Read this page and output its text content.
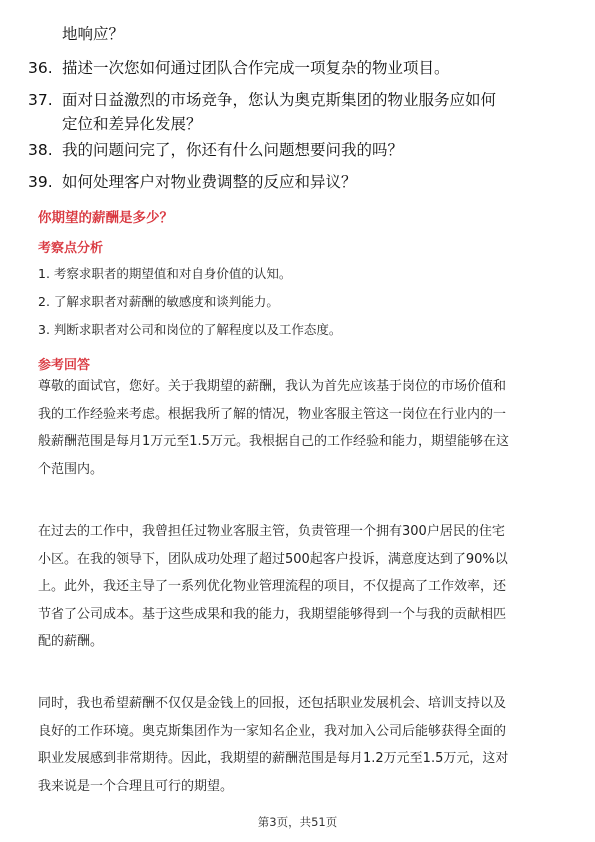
地响应？
36. 描述一次您如何通过团队合作完成一项复杂的物业项目。
37. 面对日益激烈的市场竞争，您认为奥克斯集团的物业服务应如何
定位和差异化发展？
38. 我的问题问完了，你还有什么问题想要问我的吗？
39. 如何处理客户对物业费调整的反应和异议？
你期望的薪酬是多少？
考察点分析
1. 考察求职者的期望值和对自身价值的认知。
2. 了解求职者对薪酬的敏感度和谈判能力。
3. 判断求职者对公司和岗位的了解程度以及工作态度。
参考回答
尊敬的面试官，您好。关于我期望的薪酬，我认为首先应该基于岗位的市场价值和
我的工作经验来考虑。根据我所了解的情况，物业客服主管这一岗位在行业内的一
般薪酬范围是每月1万元至1.5万元。我根据自己的工作经验和能力，期望能够在这
个范围内。
在过去的工作中，我曾担任过物业客服主管，负责管理一个拥有300户居民的住宅
小区。在我的领导下，团队成功处理了超过500起客户投诉，满意度达到了90%以
上。此外，我还主导了一系列优化物业管理流程的项目，不仅提高了工作效率，还
节省了公司成本。基于这些成果和我的能力，我期望能够得到一个与我的贡献相匹
配的薪酬。
同时，我也希望薪酬不仅仅是金钱上的回报，还包括职业发展机会、培训支持以及
良好的工作环境。奥克斯集团作为一家知名企业，我对加入公司后能够获得全面的
职业发展感到非常期待。因此，我期望的薪酬范围是每月1.2万元至1.5万元，这对
我来说是一个合理且可行的期望。
第3页，共51页
